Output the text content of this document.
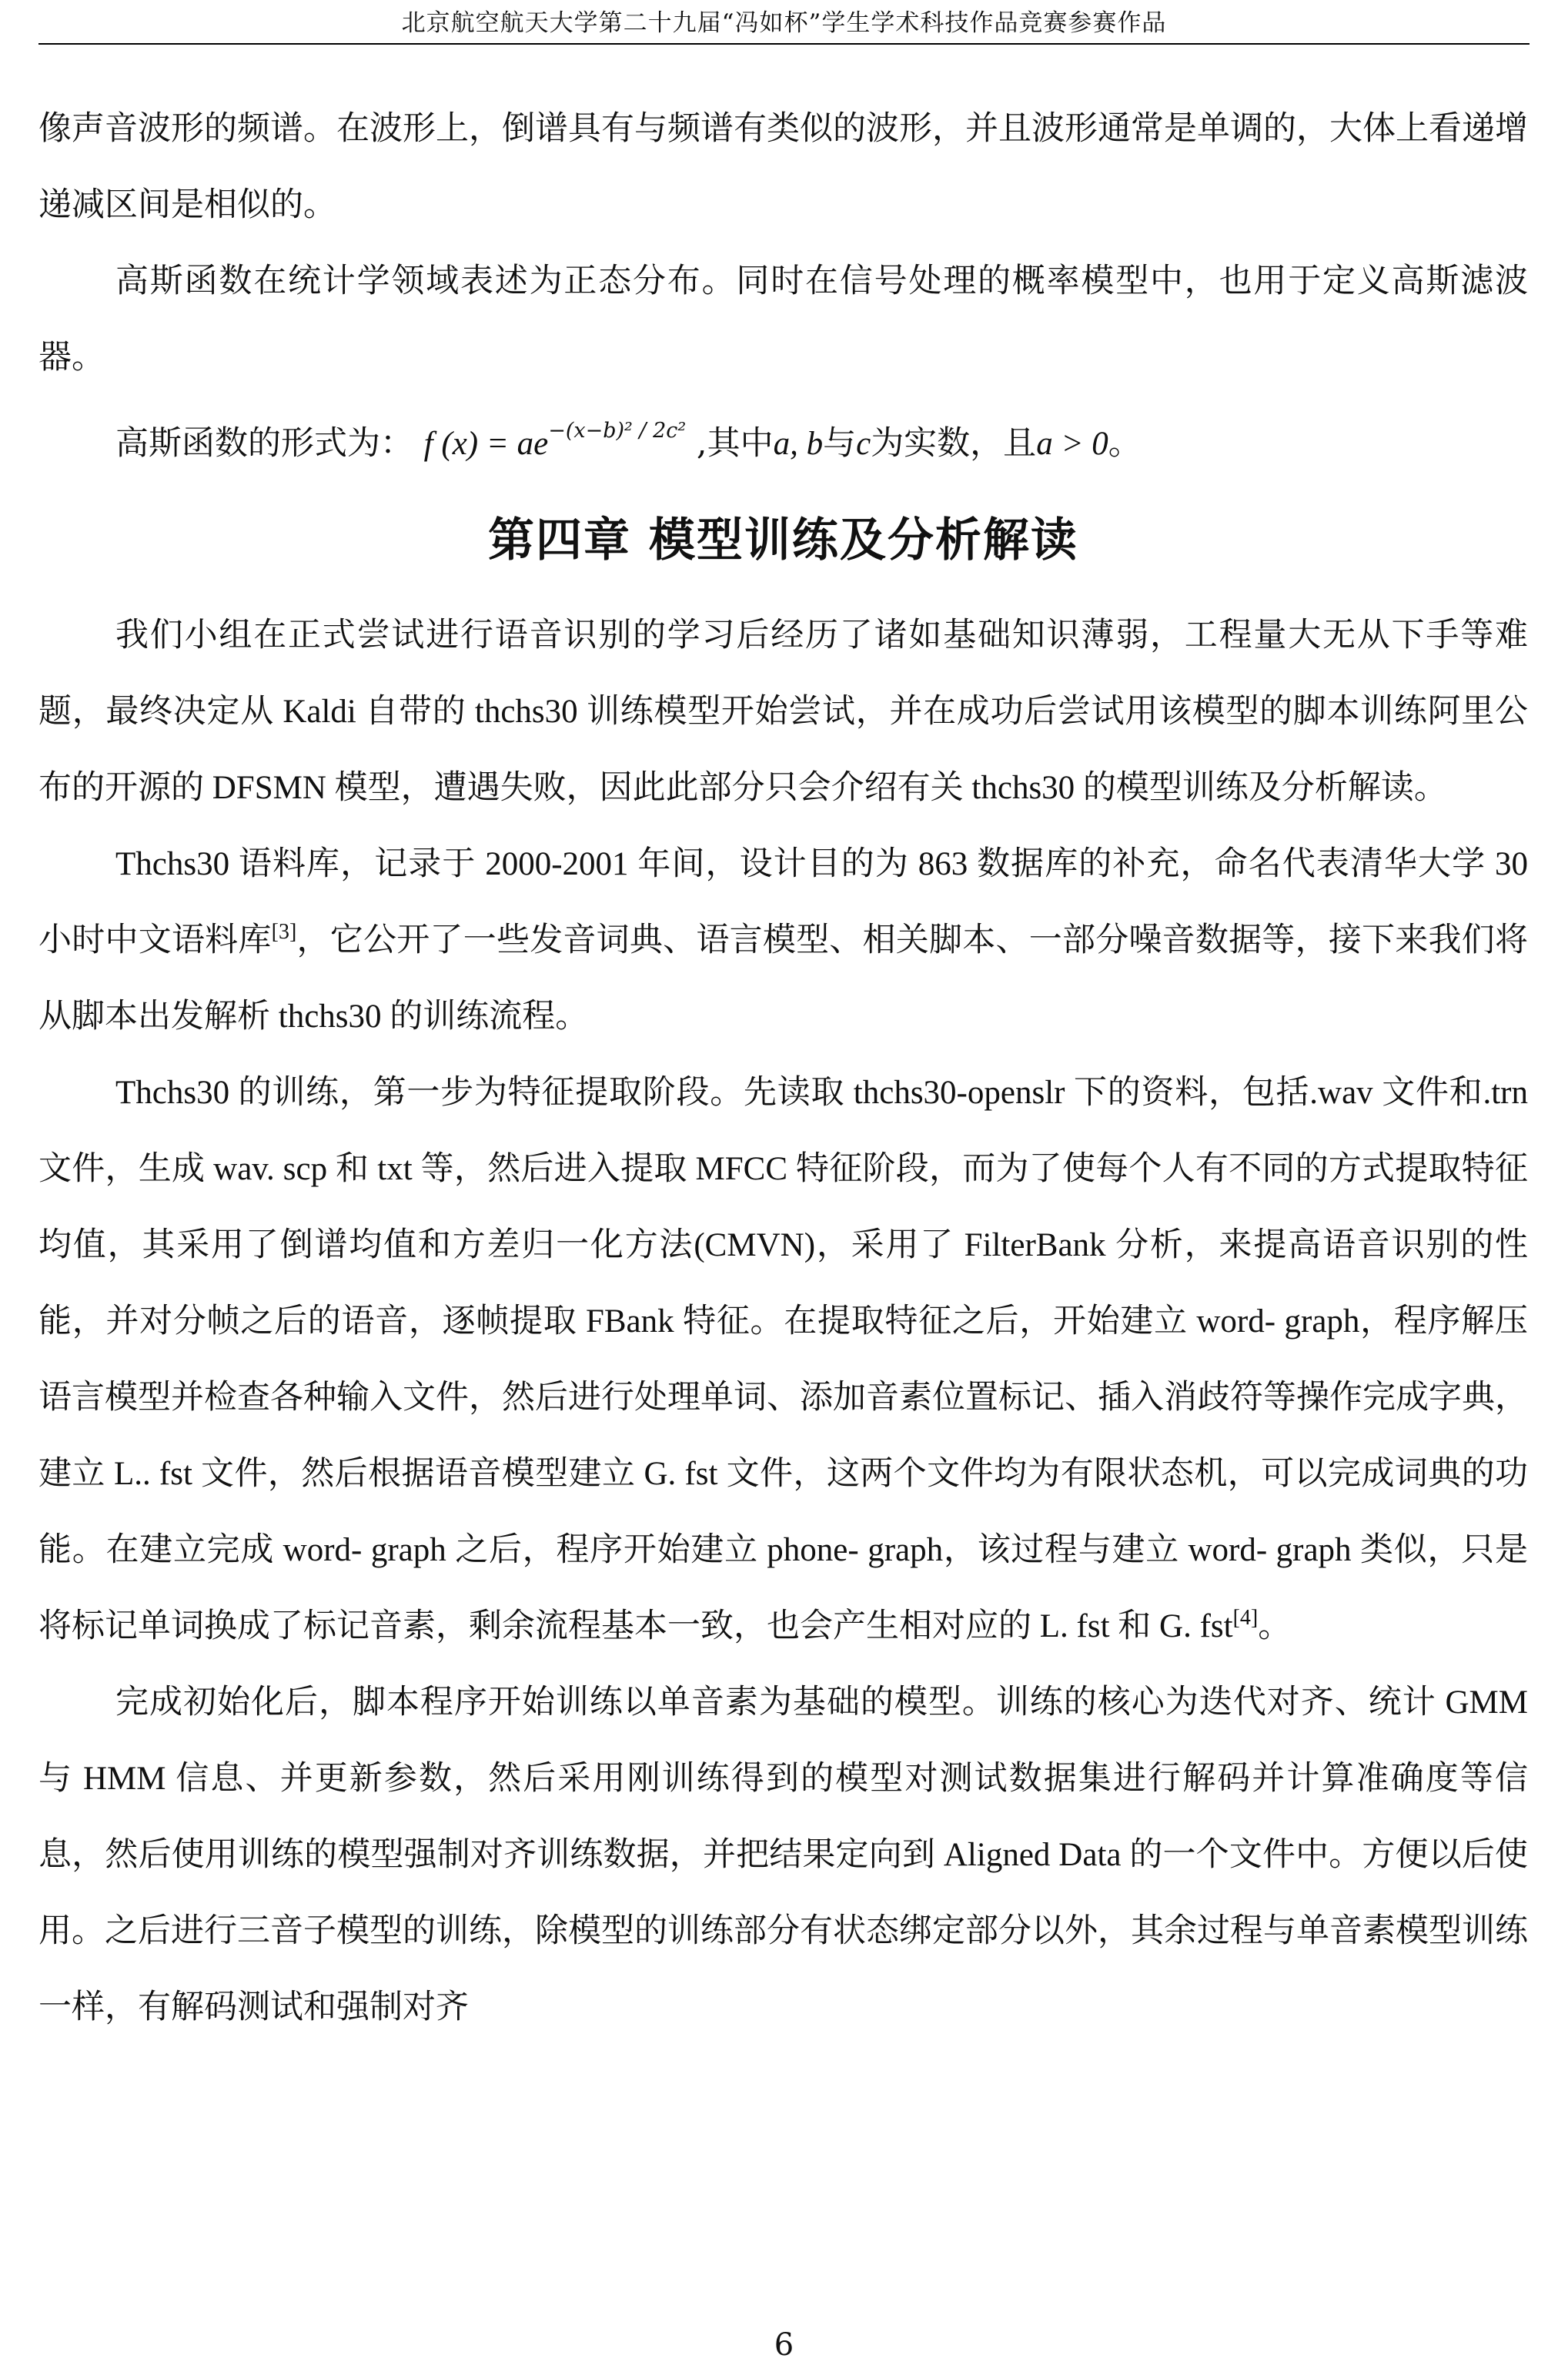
北京航空航天大学第二十九届“冯如杯”学生学术科技作品竞赛参赛作品

像声音波形的频谱。在波形上，倒谱具有与频谱有类似的波形，并且波形通常是单调的，大体上看递增递减区间是相似的。

高斯函数在统计学领域表述为正态分布。同时在信号处理的概率模型中，也用于定义高斯滤波器。

高斯函数的形式为： f $(x) = ae^{-(x-b)^2 / 2c^2}$ ,其中a, b与c为实数，且a > 0。

第四章 模型训练及分析解读

我们小组在正式尝试进行语音识别的学习后经历了诸如基础知识薄弱，工程量大无从下手等难题，最终决定从 Kaldi 自带的 thchs30 训练模型开始尝试，并在成功后尝试用该模型的脚本训练阿里公布的开源的 DFSMN 模型，遭遇失败，因此此部分只会介绍有关 thchs30 的模型训练及分析解读。

Thchs30 语料库，记录于 2000-2001 年间，设计目的为 863 数据库的补充，命名代表清华大学 30 小时中文语料库[3]，它公开了一些发音词典、语言模型、相关脚本、一部分噪音数据等，接下来我们将从脚本出发解析 thchs30 的训练流程。

Thchs30 的训练，第一步为特征提取阶段。先读取 thchs30-openslr 下的资料，包括.wav 文件和.trn 文件，生成 wav. scp 和 txt 等，然后进入提取 MFCC 特征阶段，而为了使每个人有不同的方式提取特征均值，其采用了倒谱均值和方差归一化方法(CMVN)，采用了 FilterBank 分析，来提高语音识别的性能，并对分帧之后的语音，逐帧提取 FBank 特征。在提取特征之后，开始建立 word- graph，程序解压语言模型并检查各种输入文件，然后进行处理单词、添加音素位置标记、插入消歧符等操作完成字典，建立 L.. fst 文件，然后根据语音模型建立 G. fst 文件，这两个文件均为有限状态机，可以完成词典的功能。在建立完成 word- graph 之后，程序开始建立 phone- graph，该过程与建立 word- graph 类似，只是将标记单词换成了标记音素，剩余流程基本一致，也会产生相对应的 L. fst 和 G. fst[4]。

完成初始化后，脚本程序开始训练以单音素为基础的模型。训练的核心为迭代对齐、统计 GMM 与 HMM 信息、并更新参数，然后采用刚训练得到的模型对测试数据集进行解码并计算准确度等信息，然后使用训练的模型强制对齐训练数据，并把结果定向到 Aligned Data 的一个文件中。方便以后使用。之后进行三音子模型的训练，除模型的训练部分有状态绑定部分以外，其余过程与单音素模型训练一样，有解码测试和强制对齐

6
